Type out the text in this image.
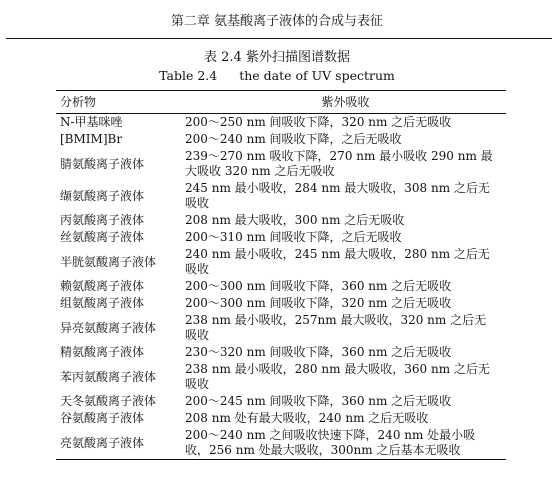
第二章 氨基酸离子液体的合成与表征
表 2.4 紫外扫描图谱数据
Table 2.4 the date of UV spectrum
分析物	紫外吸收
N-甲基咪唑	200～250 nm 间吸收下降，320 nm 之后无吸收
[BMIM]Br	200～240 nm 间吸收下降，之后无吸收
腈氨酸离子液体	239～270 nm 吸收下降，270 nm 最小吸收 290 nm 最大吸收 320 nm 之后无吸收
缬氨酸离子液体	245 nm 最小吸收，284 nm 最大吸收，308 nm 之后无吸收
丙氨酸离子液体	208 nm 最大吸收，300 nm 之后无吸收
丝氨酸离子液体	200～310 nm 间吸收下降，之后无吸收
半胱氨酸离子液体	240 nm 最小吸收，245 nm 最大吸收，280 nm 之后无吸收
赖氨酸离子液体	200～300 nm 间吸收下降，360 nm 之后无吸收
组氨酸离子液体	200～300 nm 间吸收下降，320 nm 之后无吸收
异亮氨酸离子液体	238 nm 最小吸收，257nm 最大吸收，320 nm 之后无吸收
精氨酸离子液体	230～320 nm 间吸收下降，360 nm 之后无吸收
苯丙氨酸离子液体	238 nm 最小吸收，280 nm 最大吸收，360 nm 之后无吸收
天冬氨酸离子液体	200～245 nm 间吸收下降，360 nm 之后无吸收
谷氨酸离子液体	208 nm 处有最大吸收，240 nm 之后无吸收
亮氨酸离子液体	200～240 nm 之间吸收快速下降，240 nm 处最小吸收，256 nm 处最大吸收，300nm 之后基本无吸收
